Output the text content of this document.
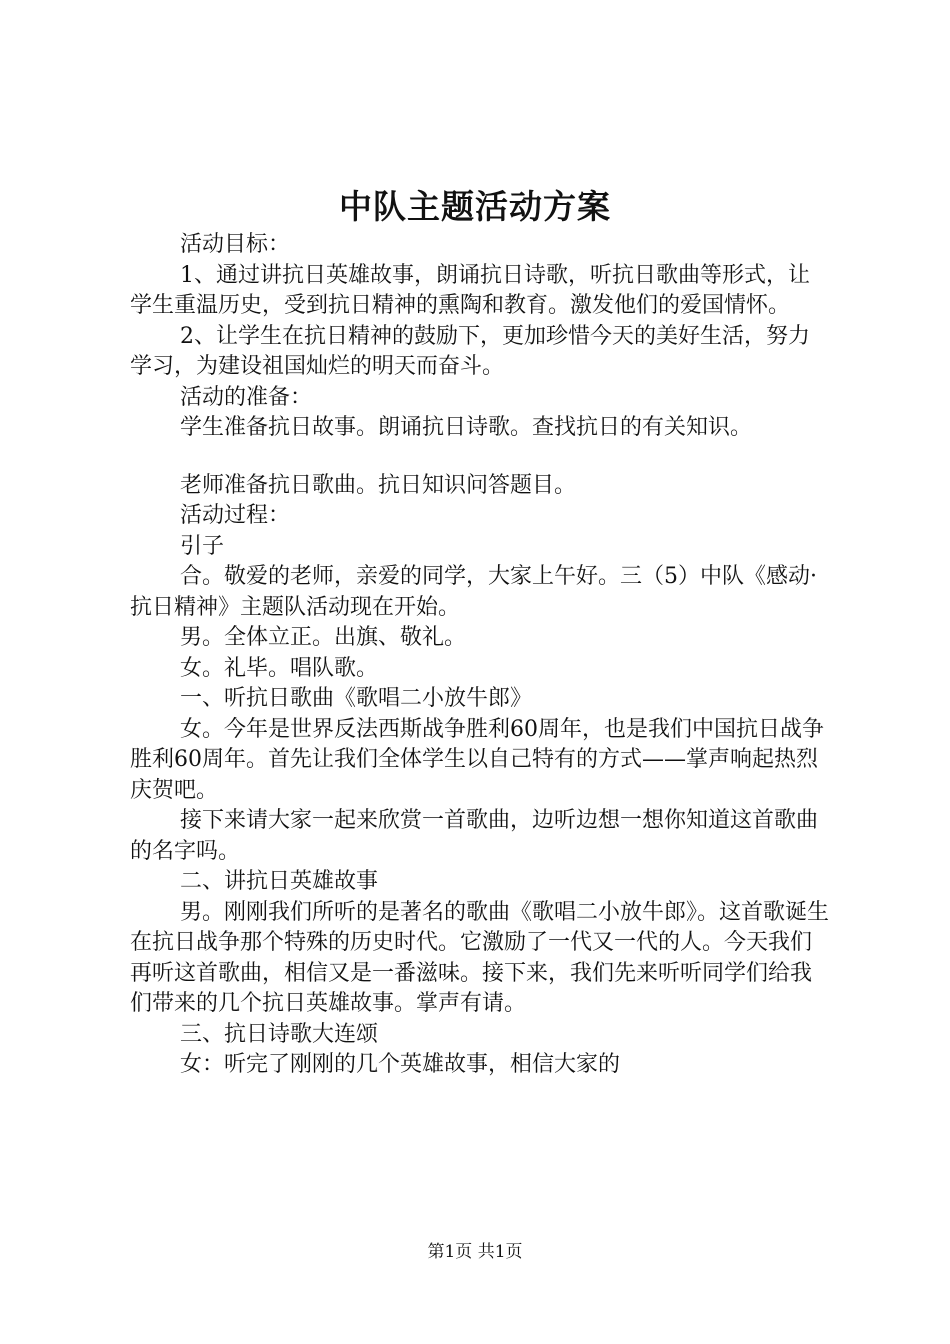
中队主题活动方案

活动目标：

1、通过讲抗日英雄故事，朗诵抗日诗歌，听抗日歌曲等形式，让学生重温历史，受到抗日精神的熏陶和教育。激发他们的爱国情怀。

2、让学生在抗日精神的鼓励下，更加珍惜今天的美好生活，努力学习，为建设祖国灿烂的明天而奋斗。

活动的准备：

学生准备抗日故事。朗诵抗日诗歌。查找抗日的有关知识。

老师准备抗日歌曲。抗日知识问答题目。

活动过程：

引子

合。敬爱的老师，亲爱的同学，大家上午好。三（5）中队《感动·抗日精神》主题队活动现在开始。

男。全体立正。出旗、敬礼。

女。礼毕。唱队歌。

一、听抗日歌曲《歌唱二小放牛郎》

女。今年是世界反法西斯战争胜利60周年，也是我们中国抗日战争胜利60周年。首先让我们全体学生以自己特有的方式——掌声响起热烈庆贺吧。

接下来请大家一起来欣赏一首歌曲，边听边想一想你知道这首歌曲的名字吗。

二、讲抗日英雄故事

男。刚刚我们所听的是著名的歌曲《歌唱二小放牛郎》。这首歌诞生在抗日战争那个特殊的历史时代。它激励了一代又一代的人。今天我们再听这首歌曲，相信又是一番滋味。接下来，我们先来听听同学们给我们带来的几个抗日英雄故事。掌声有请。

三、抗日诗歌大连颂

女：听完了刚刚的几个英雄故事，相信大家的

第1页 共1页
